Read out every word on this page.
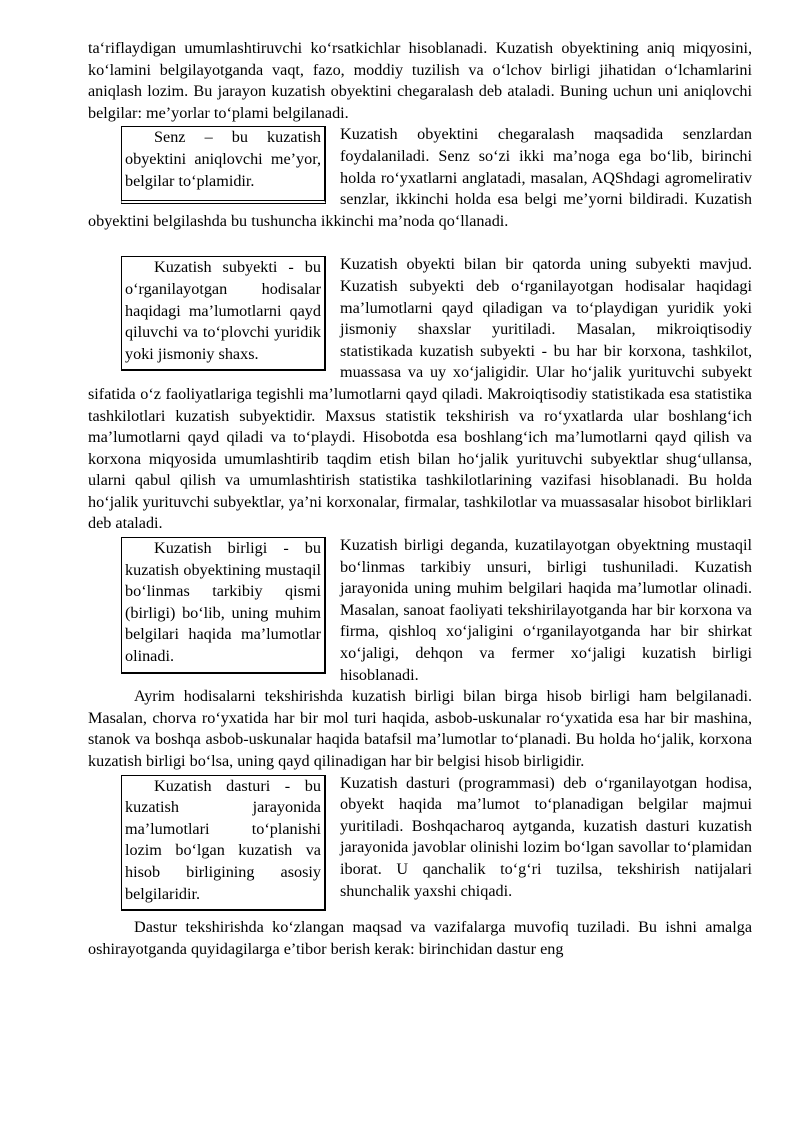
ta‘riflaydigan umumlashtiruvchi ko‘rsatkichlar hisoblanadi. Kuzatish obyektining aniq miqyosini, ko‘lamini belgilayotganda vaqt, fazo, moddiy tuzilish va o‘lchov birligi jihatidan o‘lchamlarini aniqlash lozim. Bu jarayon kuzatish obyektini chegaralash deb ataladi. Buning uchun uni aniqlovchi belgilar: me’yorlar to‘plami belgilanadi.

Senz – bu kuzatish obyektini aniqlovchi me’yor, belgilar to‘plamidir.

Kuzatish obyektini chegaralash maqsadida senzlardan foydalaniladi. Senz so‘zi ikki ma’noga ega bo‘lib, birinchi holda ro‘yxatlarni anglatadi, masalan, AQShdagi agromelirativ senzlar, ikkinchi holda esa belgi me’yorni bildiradi. Kuzatish obyektini belgilashda bu tushuncha ikkinchi ma’noda qo‘llanadi.

Kuzatish subyekti - bu o‘rganilayotgan hodisalar haqidagi ma’lumotlarni qayd qiluvchi va to‘plovchi yuridik yoki jismoniy shaxs.

Kuzatish obyekti bilan bir qatorda uning subyekti mavjud. Kuzatish subyekti deb o‘rganilayotgan hodisalar haqidagi ma’lumotlarni qayd qiladigan va to‘playdigan yuridik yoki jismoniy shaxslar yuritiladi. Masalan, mikroiqtisodiy statistikada kuzatish subyekti - bu har bir korxona, tashkilot, muassasa va uy xo‘jaligidir. Ular ho‘jalik yurituvchi subyekt sifatida o‘z faoliyatlariga tegishli ma’lumotlarni qayd qiladi. Makroiqtisodiy statistikada esa statistika tashkilotlari kuzatish subyektidir. Maxsus statistik tekshirish va ro‘yxatlarda ular boshlang‘ich ma’lumotlarni qayd qiladi va to‘playdi. Hisobotda esa boshlang‘ich ma’lumotlarni qayd qilish va korxona miqyosida umumlashtirib taqdim etish bilan ho‘jalik yurituvchi subyektlar shug‘ullansa, ularni qabul qilish va umumlashtirish statistika tashkilotlarining vazifasi hisoblanadi. Bu holda ho‘jalik yurituvchi subyektlar, ya’ni korxonalar, firmalar, tashkilotlar va muassasalar hisobot birliklari deb ataladi.

Kuzatish birligi - bu kuzatish obyektining mustaqil bo‘linmas tarkibiy qismi (birligi) bo‘lib, uning muhim belgilari haqida ma’lumotlar olinadi.

Kuzatish birligi deganda, kuzatilayotgan obyektning mustaqil bo‘linmas tarkibiy unsuri, birligi tushuniladi. Kuzatish jarayonida uning muhim belgilari haqida ma’lumotlar olinadi. Masalan, sanoat faoliyati tekshirilayotganda har bir korxona va firma, qishloq xo‘jaligini o‘rganilayotganda har bir shirkat xo‘jaligi, dehqon va fermer xo‘jaligi kuzatish birligi hisoblanadi.

Ayrim hodisalarni tekshirishda kuzatish birligi bilan birga hisob birligi ham belgilanadi. Masalan, chorva ro‘yxatida har bir mol turi haqida, asbob-uskunalar ro‘yxatida esa har bir mashina, stanok va boshqa asbob-uskunalar haqida batafsil ma’lumotlar to‘planadi. Bu holda ho‘jalik, korxona kuzatish birligi bo‘lsa, uning qayd qilinadigan har bir belgisi hisob birligidir.

Kuzatish dasturi - bu kuzatish jarayonida ma’lumotlari to‘planishi lozim bo‘lgan kuzatish va hisob birligining asosiy belgilaridir.

Kuzatish dasturi (programmasi) deb o‘rganilayotgan hodisa, obyekt haqida ma’lumot to‘planadigan belgilar majmui yuritiladi. Boshqacharoq aytganda, kuzatish dasturi kuzatish jarayonida javoblar olinishi lozim bo‘lgan savollar to‘plamidan iborat. U qanchalik to‘g‘ri tuzilsa, tekshirish natijalari shunchalik yaxshi chiqadi.

Dastur tekshirishda ko‘zlangan maqsad va vazifalarga muvofiq tuziladi. Bu ishni amalga oshirayotganda quyidagilarga e’tibor berish kerak: birinchidan dastur eng
